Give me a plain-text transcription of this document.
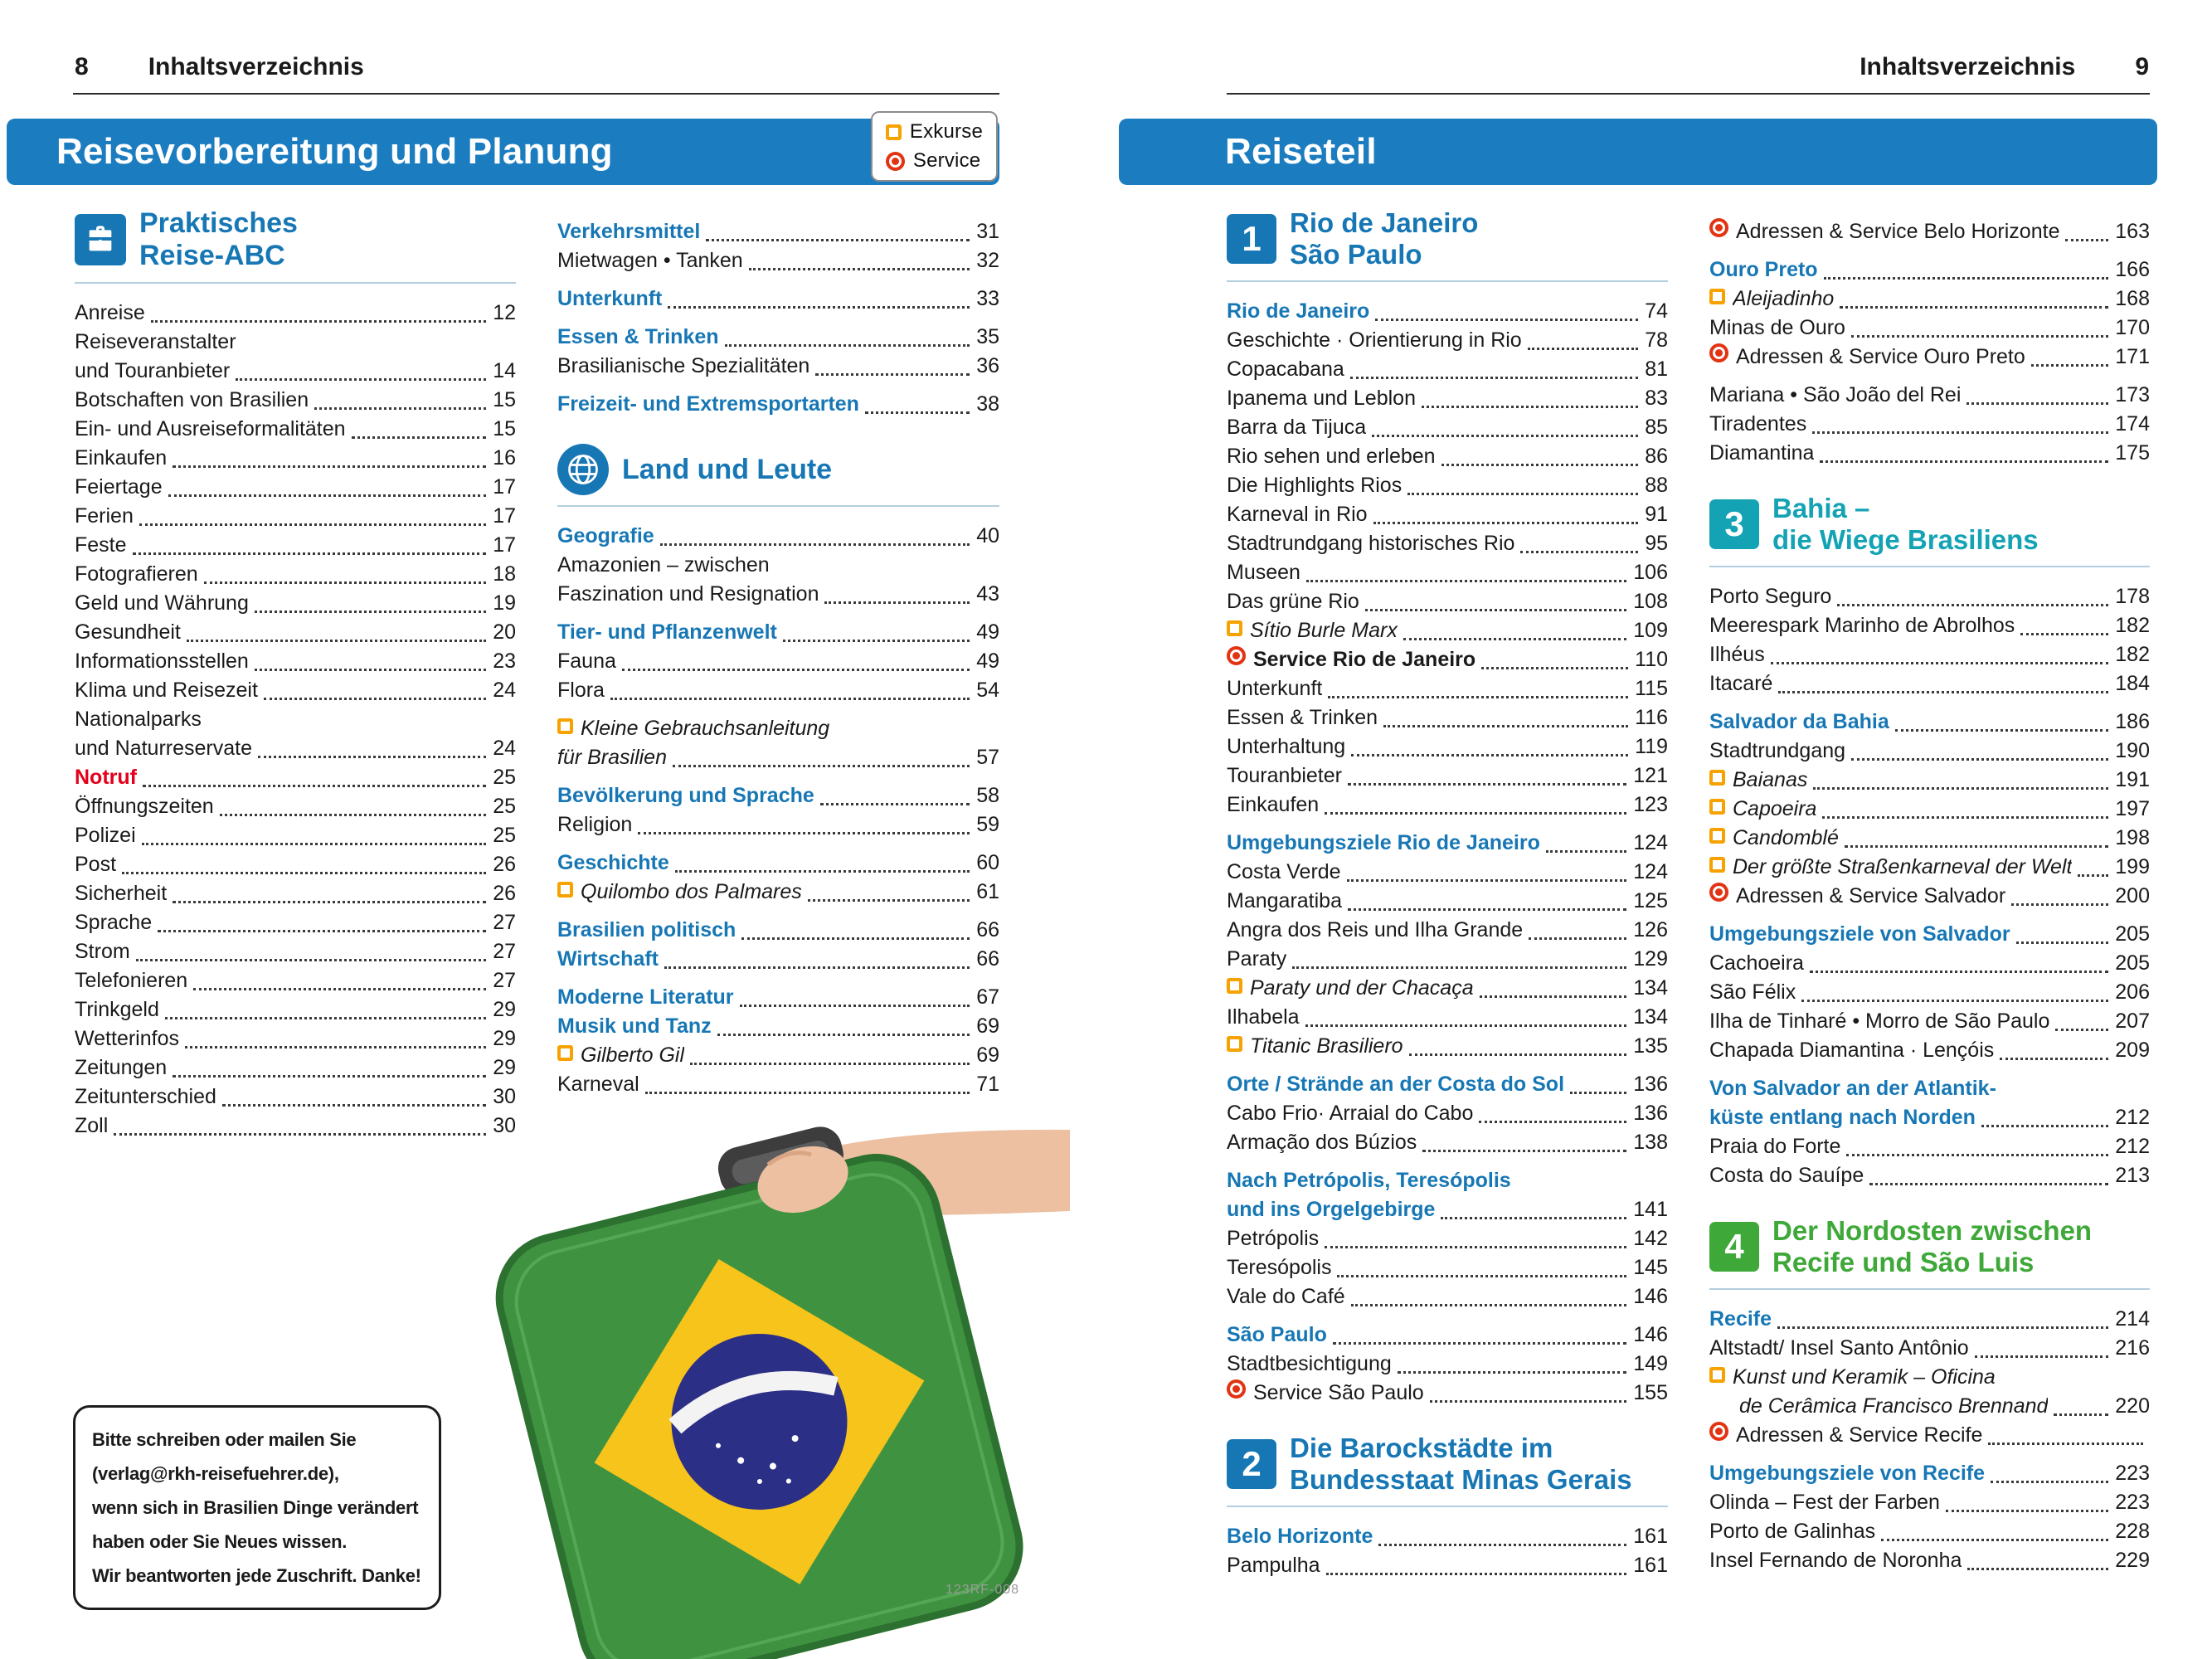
8 Inhaltsverzeichnis
Reisevorbereitung und Planung	Exkurse
Service
Praktisches
Reise-ABC
Anreise	12
Reiseveranstalter
und Touranbieter	14
Botschaften von Brasilien	15
Ein- und Ausreiseformalitäten	15
Einkaufen	16
Feiertage	17
Ferien	17
Feste	17
Fotografieren	18
Geld und Währung	19
Gesundheit	20
Informationsstellen	23
Klima und Reisezeit	24
Nationalparks
und Naturreservate	24
Notruf	25
Öffnungszeiten	25
Polizei	25
Post	26
Sicherheit	26
Sprache	27
Strom	27
Telefonieren	27
Trinkgeld	29
Wetterinfos	29
Zeitungen	29
Zeitunterschied	30
Zoll	30
Verkehrsmittel	31
Mietwagen • Tanken	32
Unterkunft	33
Essen & Trinken	35
Brasilianische Spezialitäten	36
Freizeit- und Extremsportarten	38
Land und Leute
Geografie	40
Amazonien – zwischen
Faszination und Resignation	43
Tier- und Pflanzenwelt	49
Fauna	49
Flora	54
Kleine Gebrauchsanleitung
für Brasilien	57
Bevölkerung und Sprache	58
Religion	59
Geschichte	60
Quilombo dos Palmares	61
Brasilien politisch	66
Wirtschaft	66
Moderne Literatur	67
Musik und Tanz	69
Gilberto Gil	69
Karneval	71
123RF-008
Bitte schreiben oder mailen Sie
(verlag@rkh-reisefuehrer.de),
wenn sich in Brasilien Dinge verändert
haben oder Sie Neues wissen.
Wir beantworten jede Zuschrift. Danke!
Inhaltsverzeichnis 9
Reiseteil
1	Rio de Janeiro
São Paulo
Rio de Janeiro	74
Geschichte · Orientierung in Rio	78
Copacabana	81
Ipanema und Leblon	83
Barra da Tijuca	85
Rio sehen und erleben	86
Die Highlights Rios	88
Karneval in Rio	91
Stadtrundgang historisches Rio	95
Museen	106
Das grüne Rio	108
Sítio Burle Marx	109
Service Rio de Janeiro	110
Unterkunft	115
Essen & Trinken	116
Unterhaltung	119
Touranbieter	121
Einkaufen	123
Umgebungsziele Rio de Janeiro	124
Costa Verde	124
Mangaratiba	125
Angra dos Reis und Ilha Grande	126
Paraty	129
Paraty und der Chacaça	134
Ilhabela	134
Titanic Brasiliero	135
Orte / Strände an der Costa do Sol	136
Cabo Frio· Arraial do Cabo	136
Armação dos Búzios	138
Nach Petrópolis, Teresópolis
und ins Orgelgebirge	141
Petrópolis	142
Teresópolis	145
Vale do Café	146
São Paulo	146
Stadtbesichtigung	149
Service São Paulo	155
2	Die Barockstädte im
Bundesstaat Minas Gerais
Belo Horizonte	161
Pampulha	161
Adressen & Service Belo Horizonte	163
Ouro Preto	166
Aleijadinho	168
Minas de Ouro	170
Adressen & Service Ouro Preto	171
Mariana • São João del Rei	173
Tiradentes	174
Diamantina	175
3	Bahia –
die Wiege Brasiliens
Porto Seguro	178
Meerespark Marinho de Abrolhos	182
Ilhéus	182
Itacaré	184
Salvador da Bahia	186
Stadtrundgang	190
Baianas	191
Capoeira	197
Candomblé	198
Der größte Straßenkarneval der Welt 199
Adressen & Service Salvador	200
Umgebungsziele von Salvador	205
Cachoeira	205
São Félix	206
Ilha de Tinharé • Morro de São Paulo	207
Chapada Diamantina · Lençóis	209
Von Salvador an der Atlantik-
küste entlang nach Norden	212
Praia do Forte	212
Costa do Sauípe	213
4	Der Nordosten zwischen
Recife und São Luis
Recife	214
Altstadt/ Insel Santo Antônio	216
Kunst und Keramik – Oficina
de Cerâmica Francisco Brennand	220
Adressen & Service Recife
Umgebungsziele von Recife	223
Olinda – Fest der Farben	223
Porto de Galinhas	228
Insel Fernando de Noronha	229
